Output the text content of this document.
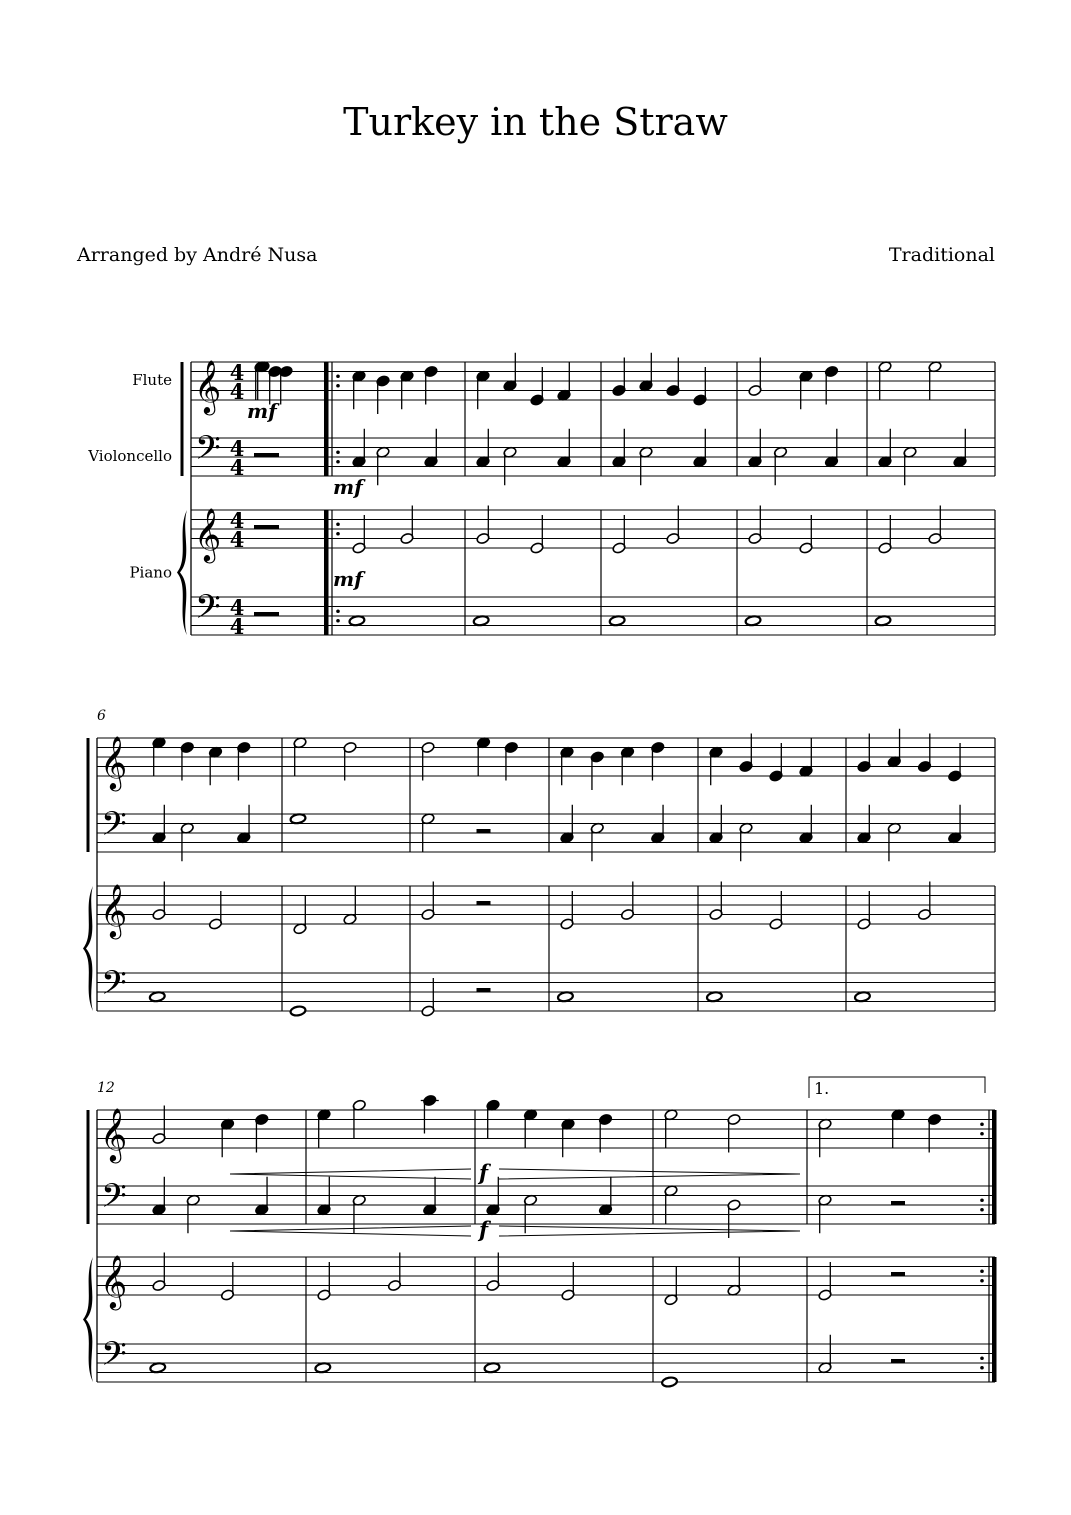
Turkey in the Straw
Arranged by André Nusa	Traditional
𝄞 4
4
𝄢 4
4
𝄞 4
4
𝄢 4
4
Flute
Violoncello
Piano
mf
mf
mf
𝄞
𝄢
𝄞
𝄢
6
𝄞
𝄢
𝄞
𝄢
12	1.
f
f
